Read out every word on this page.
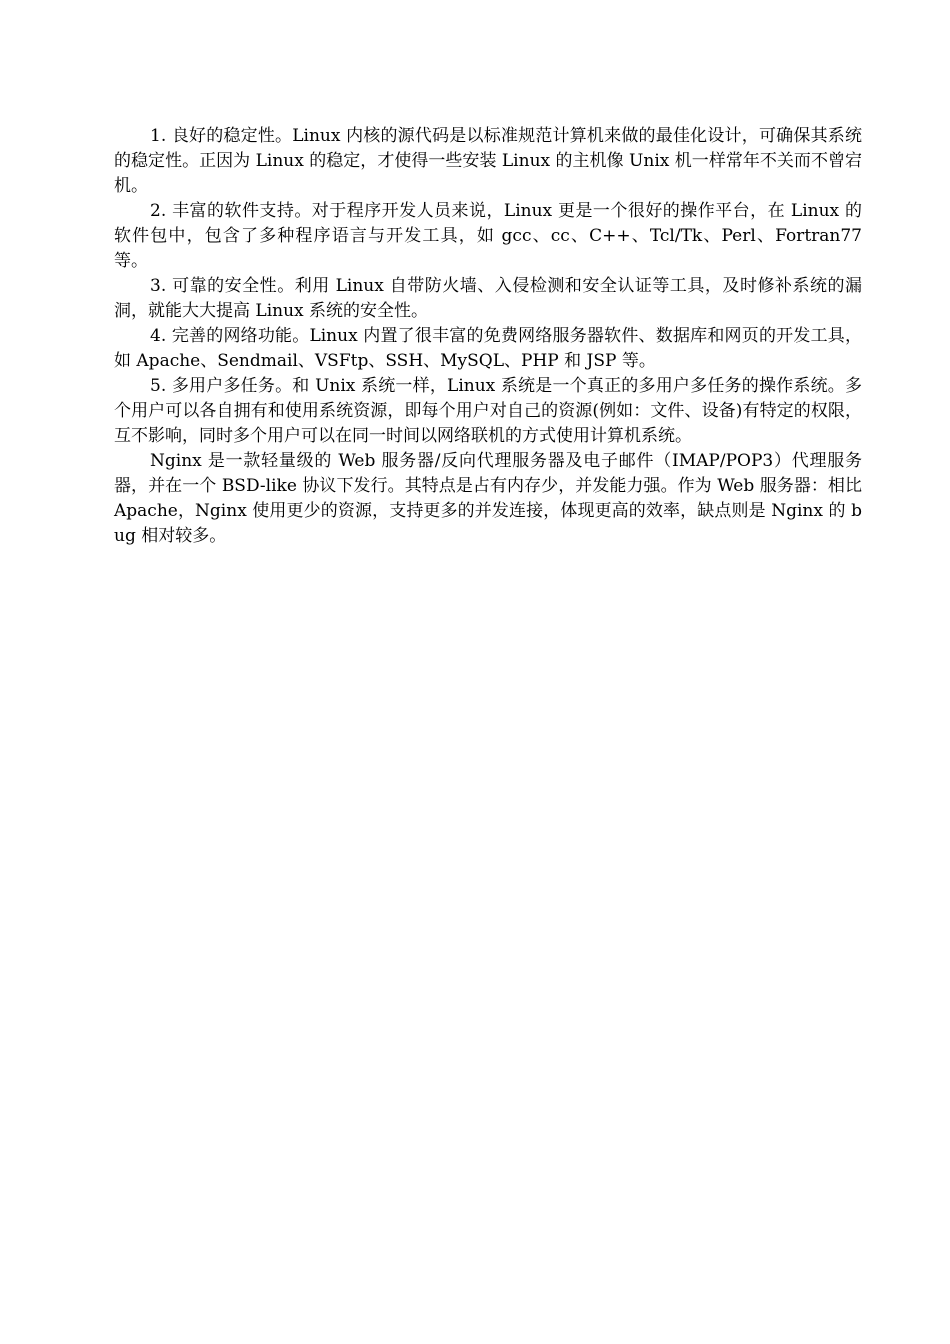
1. 良好的稳定性。Linux 内核的源代码是以标准规范计算机来做的最佳化设计，可确保其系统的稳定性。正因为 Linux 的稳定，才使得一些安装 Linux 的主机像 Unix 机一样常年不关而不曾宕机。

2. 丰富的软件支持。对于程序开发人员来说，Linux 更是一个很好的操作平台，在 Linux 的软件包中，包含了多种程序语言与开发工具，如 gcc、cc、C++、Tcl/Tk、Perl、Fortran77 等。

3. 可靠的安全性。利用 Linux 自带防火墙、入侵检测和安全认证等工具，及时修补系统的漏洞，就能大大提高 Linux 系统的安全性。

4. 完善的网络功能。Linux 内置了很丰富的免费网络服务器软件、数据库和网页的开发工具，如 Apache、Sendmail、VSFtp、SSH、MySQL、PHP 和 JSP 等。

5. 多用户多任务。和 Unix 系统一样，Linux 系统是一个真正的多用户多任务的操作系统。多个用户可以各自拥有和使用系统资源，即每个用户对自己的资源(例如：文件、设备)有特定的权限，互不影响，同时多个用户可以在同一时间以网络联机的方式使用计算机系统。

Nginx 是一款轻量级的 Web 服务器/反向代理服务器及电子邮件（IMAP/POP3）代理服务器，并在一个 BSD-like 协议下发行。其特点是占有内存少，并发能力强。作为 Web 服务器：相比 Apache，Nginx 使用更少的资源，支持更多的并发连接，体现更高的效率，缺点则是 Nginx 的 bug 相对较多。
